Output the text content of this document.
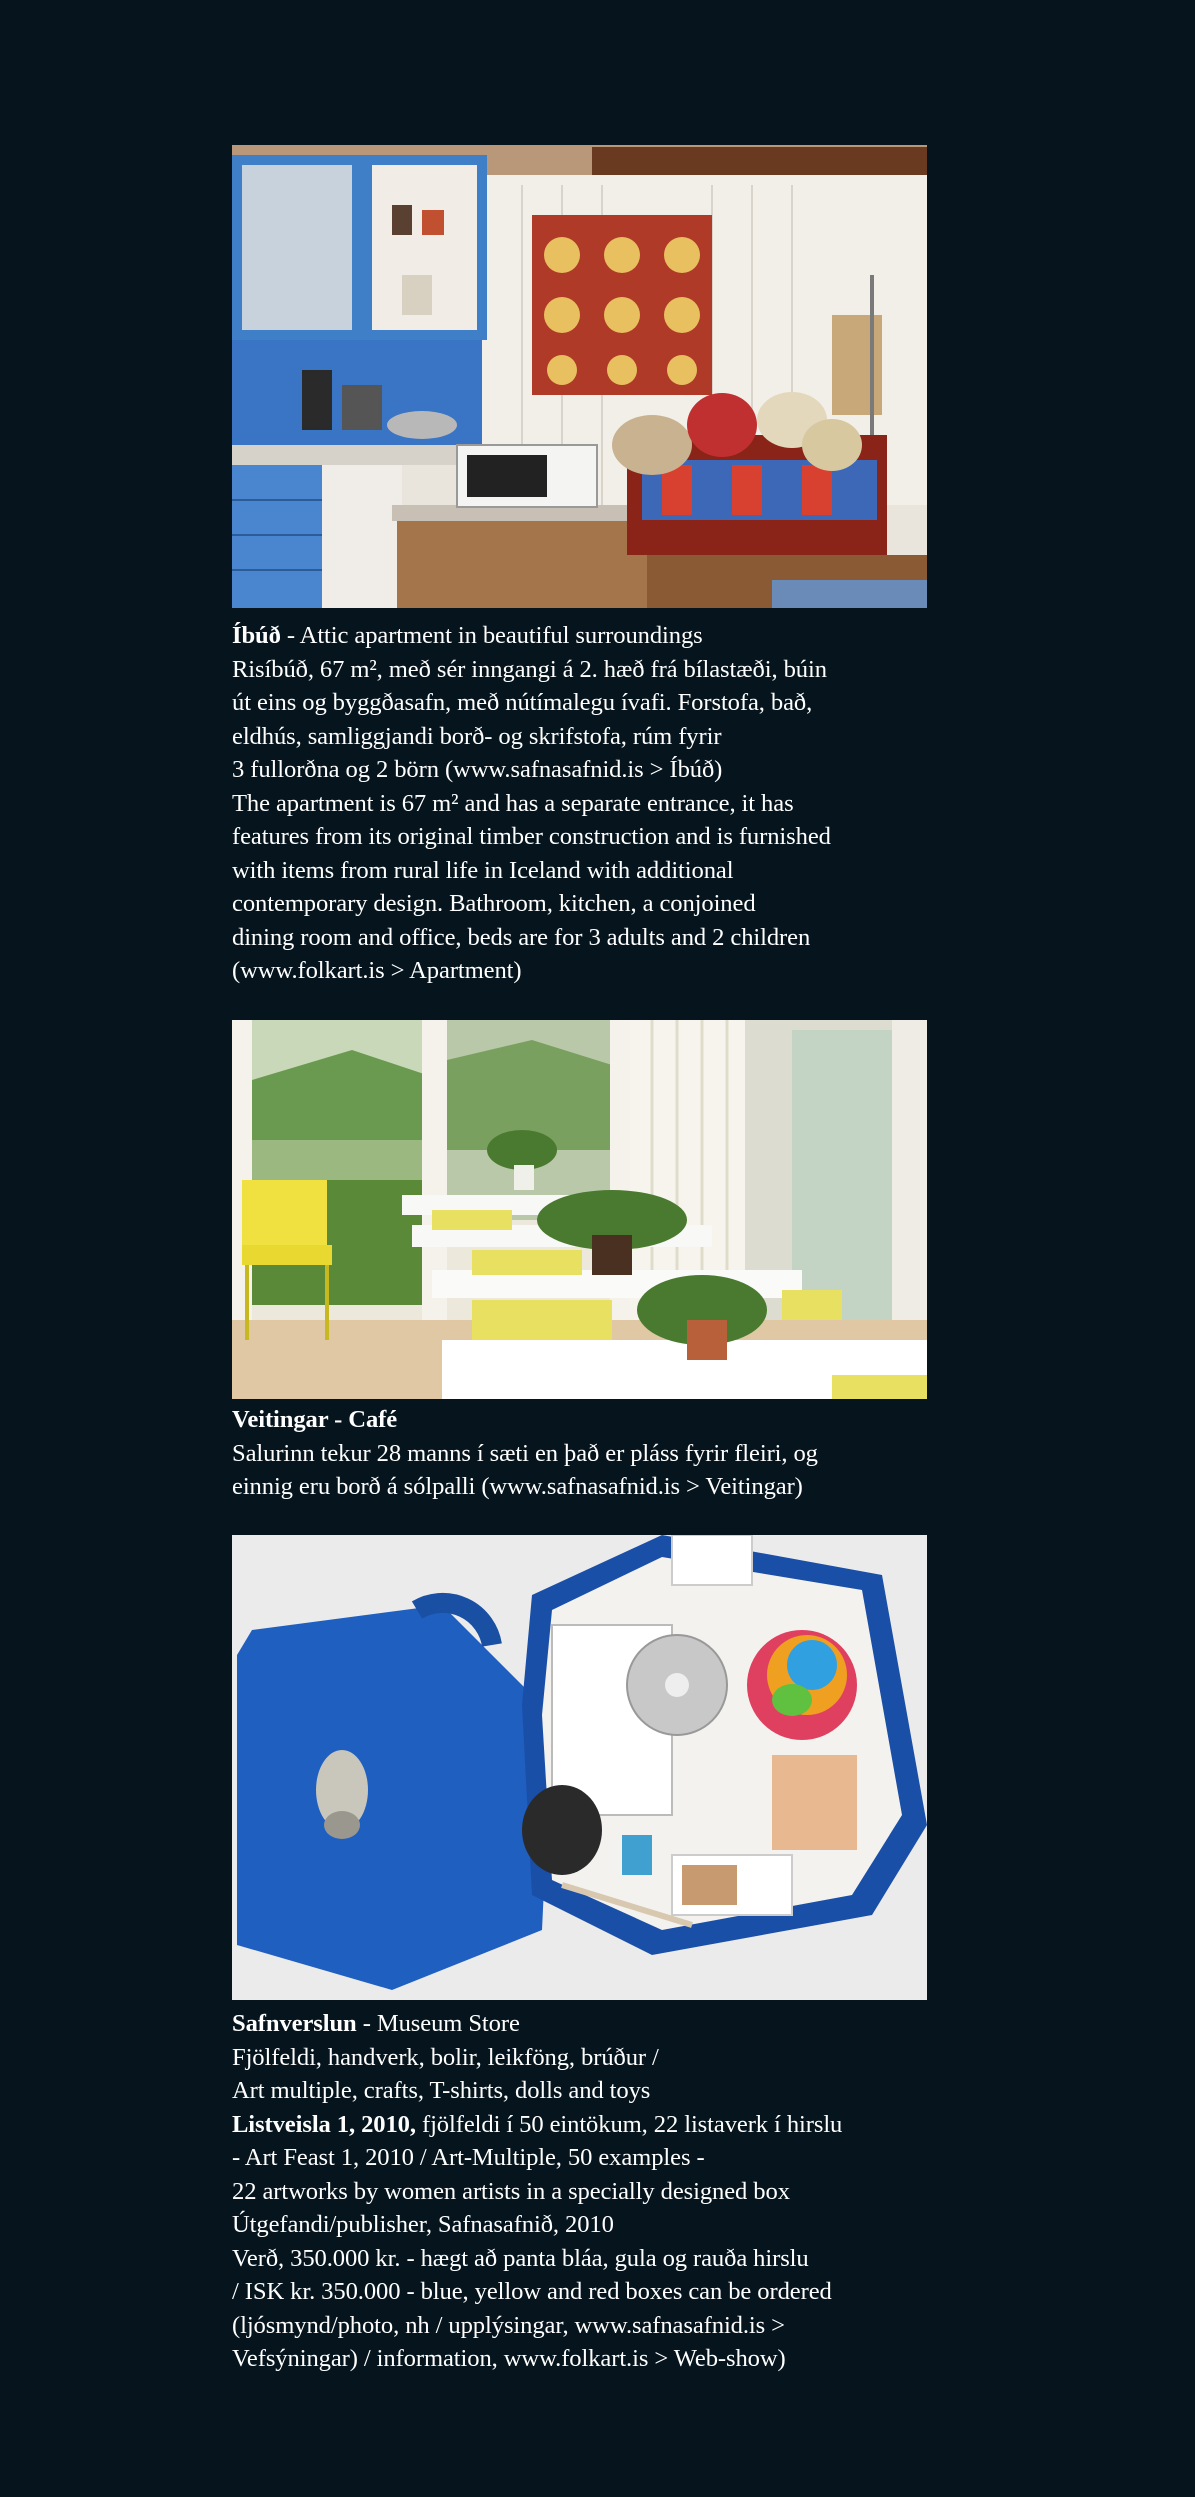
Íbúð - Attic apartment in beautiful surroundings

Risíbúð, 67 m², með sér inngangi á 2. hæð frá bílastæði, búin

út eins og byggðasafn, með nútímalegu ívafi. Forstofa, bað,

eldhús, samliggjandi borð- og skrifstofa, rúm fyrir

3 fullorðna og 2 börn (www.safnasafnid.is > Íbúð)

The apartment is 67 m² and has a separate entrance, it has

features from its original timber construction and is furnished

with items from rural life in Iceland with additional

contemporary design. Bathroom, kitchen, a conjoined

dining room and office, beds are for 3 adults and 2 children

(www.folkart.is > Apartment)

Veitingar - Café

Salurinn tekur 28 manns í sæti en það er pláss fyrir fleiri, og

einnig eru borð á sólpalli (www.safnasafnid.is > Veitingar)

Safnverslun - Museum Store

Fjölfeldi, handverk, bolir, leikföng, brúður /

Art multiple, crafts, T-shirts, dolls and toys

Listveisla 1, 2010, fjölfeldi í 50 eintökum, 22 listaverk í hirslu

- Art Feast 1, 2010 / Art-Multiple, 50 examples -

22 artworks by women artists in a specially designed box

Útgefandi/publisher, Safnasafnið, 2010

Verð, 350.000 kr. - hægt að panta bláa, gula og rauða hirslu

/ ISK kr. 350.000 - blue, yellow and red boxes can be ordered

(ljósmynd/photo, nh / upplýsingar, www.safnasafnid.is >

Vefsýningar) / information, www.folkart.is > Web-show)
